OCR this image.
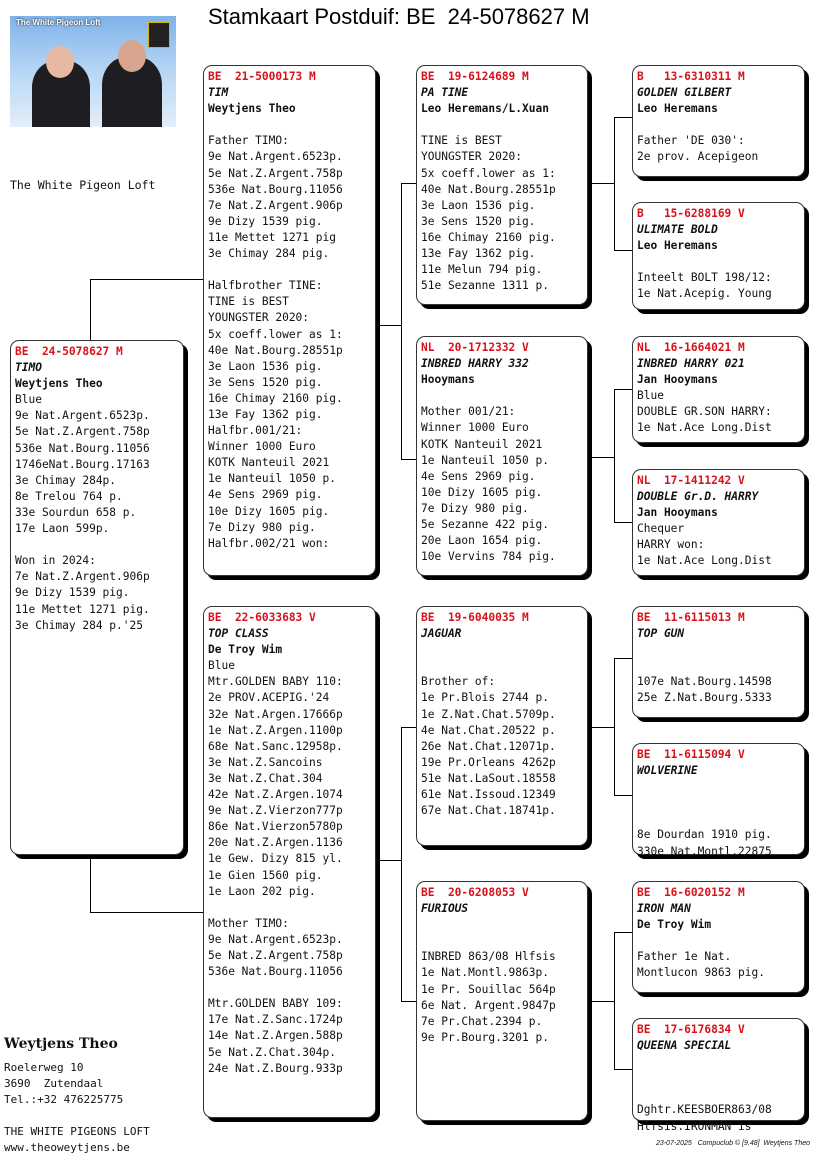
Stamkaart Postduif: BE  24-5078627 M
The White Pigeon Loft
The White Pigeon Loft
BE  24-5078627 M
TIMO
Weytjens Theo
Blue
9e Nat.Argent.6523p.
5e Nat.Z.Argent.758p
536e Nat.Bourg.11056
1746eNat.Bourg.17163
3e Chimay 284p.
8e Trelou 764 p.
33e Sourdun 658 p.
17e Laon 599p.
Won in 2024:
7e Nat.Z.Argent.906p
9e Dizy 1539 pig.
11e Mettet 1271 pig.
3e Chimay 284 p.'25
BE  21-5000173 M
TIM
Weytjens Theo
Father TIMO:
9e Nat.Argent.6523p.
5e Nat.Z.Argent.758p
536e Nat.Bourg.11056
7e Nat.Z.Argent.906p
9e Dizy 1539 pig.
11e Mettet 1271 pig
3e Chimay 284 pig.
Halfbrother TINE:
TINE is BEST
YOUNGSTER 2020:
5x coeff.lower as 1:
40e Nat.Bourg.28551p
3e Laon 1536 pig.
3e Sens 1520 pig.
16e Chimay 2160 pig.
13e Fay 1362 pig.
Halfbr.001/21:
Winner 1000 Euro
KOTK Nanteuil 2021
1e Nanteuil 1050 p.
4e Sens 2969 pig.
10e Dizy 1605 pig.
7e Dizy 980 pig.
Halfbr.002/21 won:
BE  22-6033683 V
TOP CLASS
De Troy Wim
Blue
Mtr.GOLDEN BABY 110:
2e PROV.ACEPIG.'24
32e Nat.Argen.17666p
1e Nat.Z.Argen.1100p
68e Nat.Sanc.12958p.
3e Nat.Z.Sancoins
3e Nat.Z.Chat.304
42e Nat.Z.Argen.1074
9e Nat.Z.Vierzon777p
86e Nat.Vierzon5780p
20e Nat.Z.Argen.1136
1e Gew. Dizy 815 yl.
1e Gien 1560 pig.
1e Laon 202 pig.
Mother TIMO:
9e Nat.Argent.6523p.
5e Nat.Z.Argent.758p
536e Nat.Bourg.11056
Mtr.GOLDEN BABY 109:
17e Nat.Z.Sanc.1724p
14e Nat.Z.Argen.588p
5e Nat.Z.Chat.304p.
24e Nat.Z.Bourg.933p
BE  19-6124689 M
PA TINE
Leo Heremans/L.Xuan
TINE is BEST
YOUNGSTER 2020:
5x coeff.lower as 1:
40e Nat.Bourg.28551p
3e Laon 1536 pig.
3e Sens 1520 pig.
16e Chimay 2160 pig.
13e Fay 1362 pig.
11e Melun 794 pig.
51e Sezanne 1311 p.
NL  20-1712332 V
INBRED HARRY 332
Hooymans
Mother 001/21:
Winner 1000 Euro
KOTK Nanteuil 2021
1e Nanteuil 1050 p.
4e Sens 2969 pig.
10e Dizy 1605 pig.
7e Dizy 980 pig.
5e Sezanne 422 pig.
20e Laon 1654 pig.
10e Vervins 784 pig.
BE  19-6040035 M
JAGUAR
Brother of:
1e Pr.Blois 2744 p.
1e Z.Nat.Chat.5709p.
4e Nat.Chat.20522 p.
26e Nat.Chat.12071p.
19e Pr.Orleans 4262p
51e Nat.LaSout.18558
61e Nat.Issoud.12349
67e Nat.Chat.18741p.
BE  20-6208053 V
FURIOUS
INBRED 863/08 Hlfsis
1e Nat.Montl.9863p.
1e Pr. Souillac 564p
6e Nat. Argent.9847p
7e Pr.Chat.2394 p.
9e Pr.Bourg.3201 p.
B   13-6310311 M
GOLDEN GILBERT
Leo Heremans
Father 'DE 030':
2e prov. Acepigeon
B   15-6288169 V
ULIMATE BOLD
Leo Heremans
Inteelt BOLT 198/12:
1e Nat.Acepig. Young
NL  16-1664021 M
INBRED HARRY 021
Jan Hooymans
Blue
DOUBLE GR.SON HARRY:
1e Nat.Ace Long.Dist
NL  17-1411242 V
DOUBLE Gr.D. HARRY
Jan Hooymans
Chequer
HARRY won:
1e Nat.Ace Long.Dist
BE  11-6115013 M
TOP GUN
107e Nat.Bourg.14598
25e Z.Nat.Bourg.5333
BE  11-6115094 V
WOLVERINE
8e Dourdan 1910 pig.
330e Nat.Montl.22875
BE  16-6020152 M
IRON MAN
De Troy Wim
Father 1e Nat.
Montlucon 9863 pig.
BE  17-6176834 V
QUEENA SPECIAL
Dghtr.KEESBOER863/08
Hlfsis.IRONMAN is
Weytjens Theo
Roelerweg 10
3690  Zutendaal
Tel.:+32 476225775
THE WHITE PIGEONS LOFT
www.theoweytjens.be	23-07-2025   Compuclub © [9.48]  Weytjens Theo
